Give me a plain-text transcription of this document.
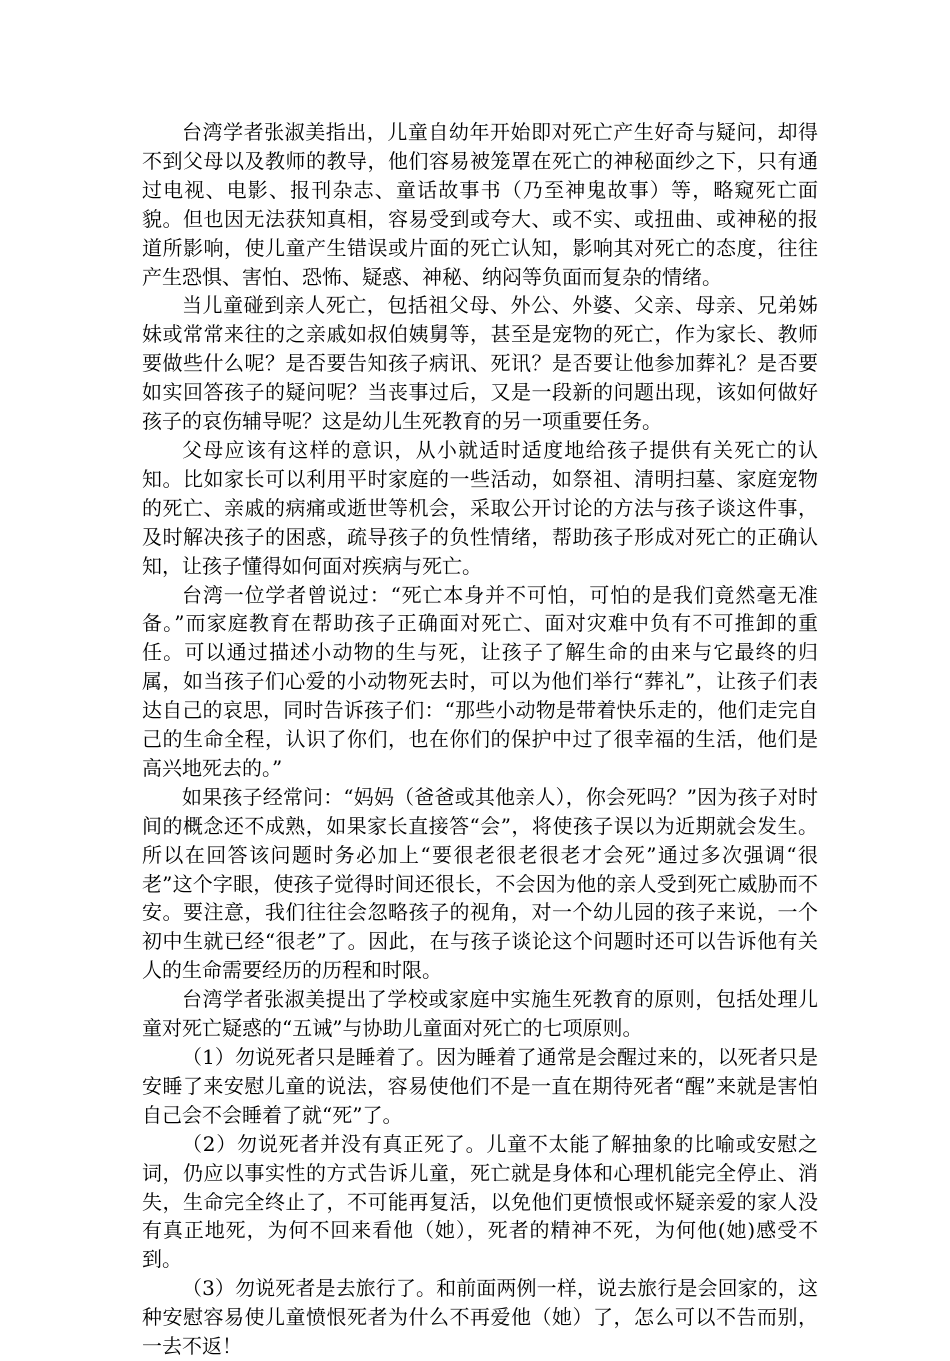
台湾学者张淑美指出，儿童自幼年开始即对死亡产生好奇与疑问，却得不到父母以及教师的教导，他们容易被笼罩在死亡的神秘面纱之下，只有通过电视、电影、报刊杂志、童话故事书（乃至神鬼故事）等，略窥死亡面貌。但也因无法获知真相，容易受到或夸大、或不实、或扭曲、或神秘的报道所影响，使儿童产生错误或片面的死亡认知，影响其对死亡的态度，往往产生恐惧、害怕、恐怖、疑惑、神秘、纳闷等负面而复杂的情绪。

当儿童碰到亲人死亡，包括祖父母、外公、外婆、父亲、母亲、兄弟姊妹或常常来往的之亲戚如叔伯姨舅等，甚至是宠物的死亡，作为家长、教师要做些什么呢？是否要告知孩子病讯、死讯？是否要让他参加葬礼？是否要如实回答孩子的疑问呢？当丧事过后，又是一段新的问题出现，该如何做好孩子的哀伤辅导呢？这是幼儿生死教育的另一项重要任务。

父母应该有这样的意识，从小就适时适度地给孩子提供有关死亡的认知。比如家长可以利用平时家庭的一些活动，如祭祖、清明扫墓、家庭宠物的死亡、亲戚的病痛或逝世等机会，采取公开讨论的方法与孩子谈这件事，及时解决孩子的困惑，疏导孩子的负性情绪，帮助孩子形成对死亡的正确认知，让孩子懂得如何面对疾病与死亡。

台湾一位学者曾说过：“死亡本身并不可怕，可怕的是我们竟然毫无准备。”而家庭教育在帮助孩子正确面对死亡、面对灾难中负有不可推卸的重任。可以通过描述小动物的生与死，让孩子了解生命的由来与它最终的归属，如当孩子们心爱的小动物死去时，可以为他们举行“葬礼”，让孩子们表达自己的哀思，同时告诉孩子们：“那些小动物是带着快乐走的，他们走完自己的生命全程，认识了你们，也在你们的保护中过了很幸福的生活，他们是高兴地死去的。”

如果孩子经常问：“妈妈（爸爸或其他亲人），你会死吗？”因为孩子对时间的概念还不成熟，如果家长直接答“会”，将使孩子误以为近期就会发生。所以在回答该问题时务必加上“要很老很老很老才会死”通过多次强调“很老”这个字眼，使孩子觉得时间还很长，不会因为他的亲人受到死亡威胁而不安。要注意，我们往往会忽略孩子的视角，对一个幼儿园的孩子来说，一个初中生就已经“很老”了。因此，在与孩子谈论这个问题时还可以告诉他有关人的生命需要经历的历程和时限。

台湾学者张淑美提出了学校或家庭中实施生死教育的原则，包括处理儿童对死亡疑惑的“五诫”与协助儿童面对死亡的七项原则。

（1）勿说死者只是睡着了。因为睡着了通常是会醒过来的，以死者只是安睡了来安慰儿童的说法，容易使他们不是一直在期待死者“醒”来就是害怕自己会不会睡着了就“死”了。

（2）勿说死者并没有真正死了。儿童不太能了解抽象的比喻或安慰之词，仍应以事实性的方式告诉儿童，死亡就是身体和心理机能完全停止、消失，生命完全终止了，不可能再复活，以免他们更愤恨或怀疑亲爱的家人没有真正地死，为何不回来看他（她），死者的精神不死，为何他(她)感受不到。

（3）勿说死者是去旅行了。和前面两例一样，说去旅行是会回家的，这种安慰容易使儿童愤恨死者为什么不再爱他（她）了，怎么可以不告而别，一去不返！
